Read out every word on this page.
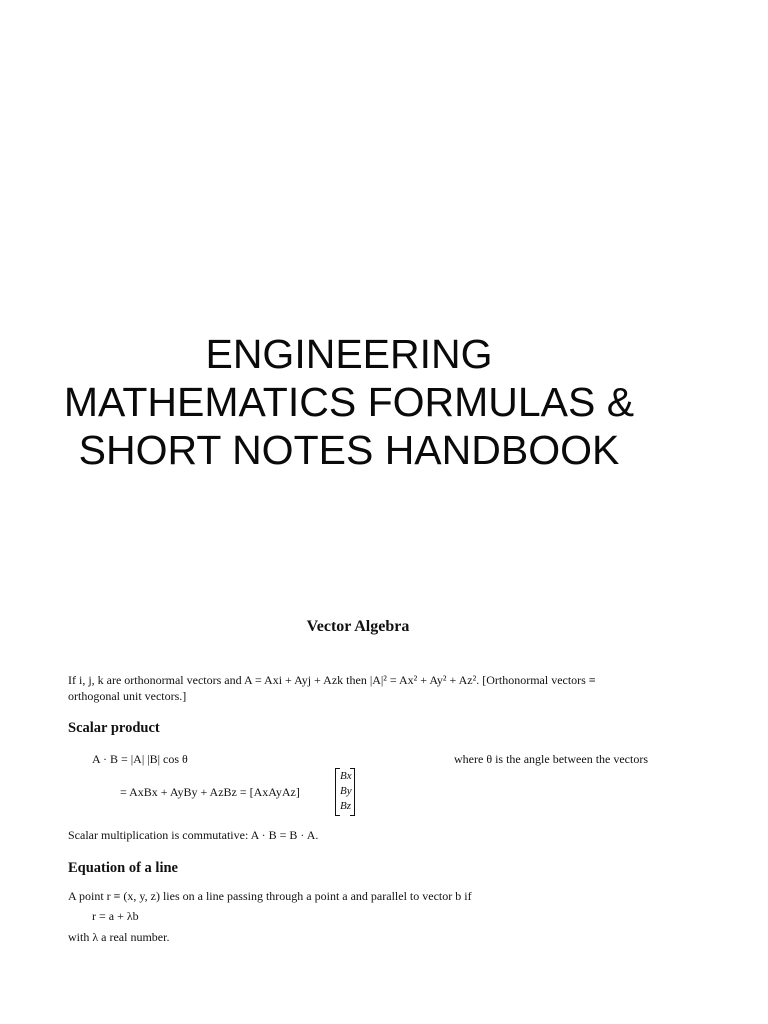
ENGINEERING
MATHEMATICS FORMULAS &
SHORT NOTES HANDBOOK
Vector Algebra
If i, j, k are orthonormal vectors and A = Axi + Ayj + Azk then |A|² = Ax² + Ay² + Az². [Orthonormal vectors ≡
orthogonal unit vectors.]
Scalar product
A · B = |A| |B| cos θ	where θ is the angle between the vectors
= AxBx + AyBy + AzBz = [AxAyAz]
Bx
By
Bz
Scalar multiplication is commutative: A · B = B · A.
Equation of a line
A point r ≡ (x, y, z) lies on a line passing through a point a and parallel to vector b if
r = a + λb
with λ a real number.
